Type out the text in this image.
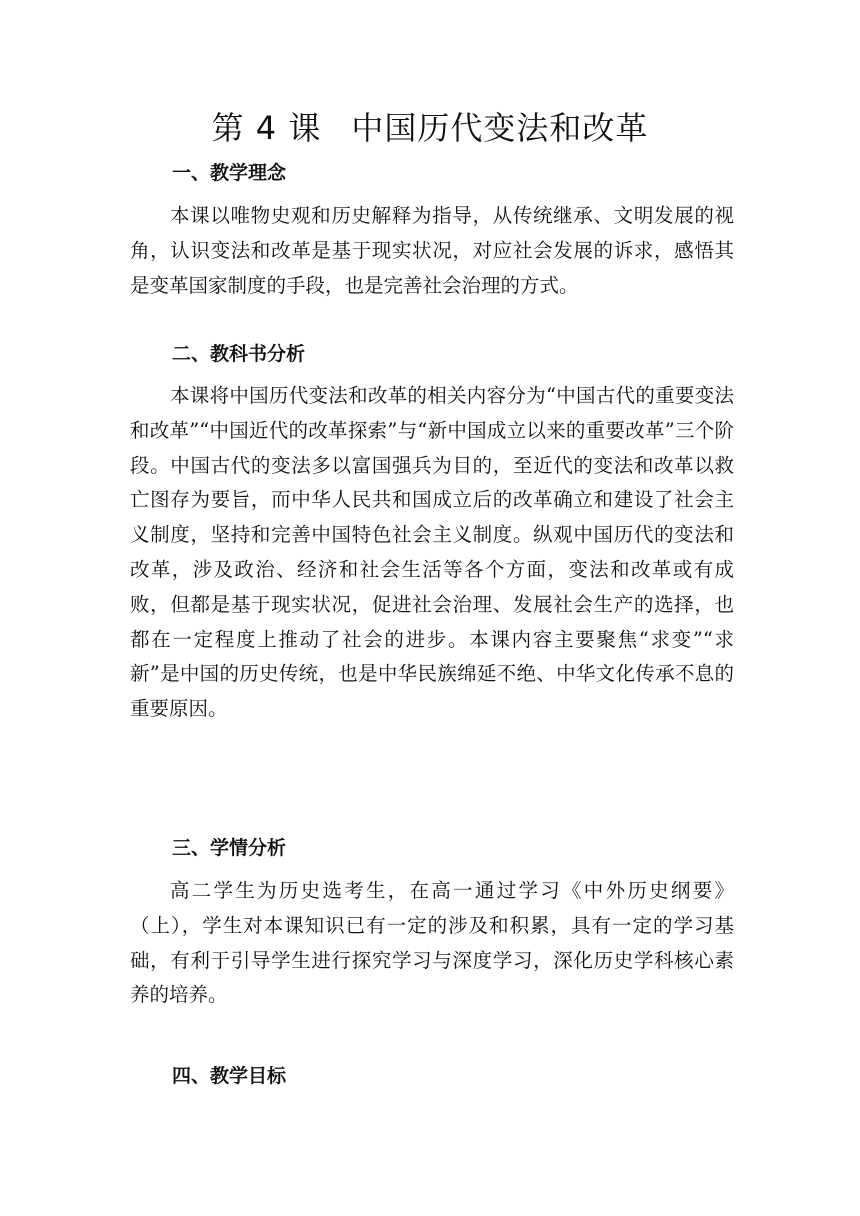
第 4 课 中国历代变法和改革
一、教学理念
本课以唯物史观和历史解释为指导，从传统继承、文明发展的视角，认识变法和改革是基于现实状况，对应社会发展的诉求，感悟其是变革国家制度的手段，也是完善社会治理的方式。
二、教科书分析
本课将中国历代变法和改革的相关内容分为“中国古代的重要变法和改革”“中国近代的改革探索”与“新中国成立以来的重要改革”三个阶段。中国古代的变法多以富国强兵为目的，至近代的变法和改革以救亡图存为要旨，而中华人民共和国成立后的改革确立和建设了社会主义制度，坚持和完善中国特色社会主义制度。纵观中国历代的变法和改革，涉及政治、经济和社会生活等各个方面，变法和改革或有成败，但都是基于现实状况，促进社会治理、发展社会生产的选择，也都在一定程度上推动了社会的进步。本课内容主要聚焦“求变”“求新”是中国的历史传统，也是中华民族绵延不绝、中华文化传承不息的重要原因。
三、学情分析
高二学生为历史选考生，在高一通过学习《中外历史纲要》（上），学生对本课知识已有一定的涉及和积累，具有一定的学习基础，有利于引导学生进行探究学习与深度学习，深化历史学科核心素养的培养。
四、教学目标
